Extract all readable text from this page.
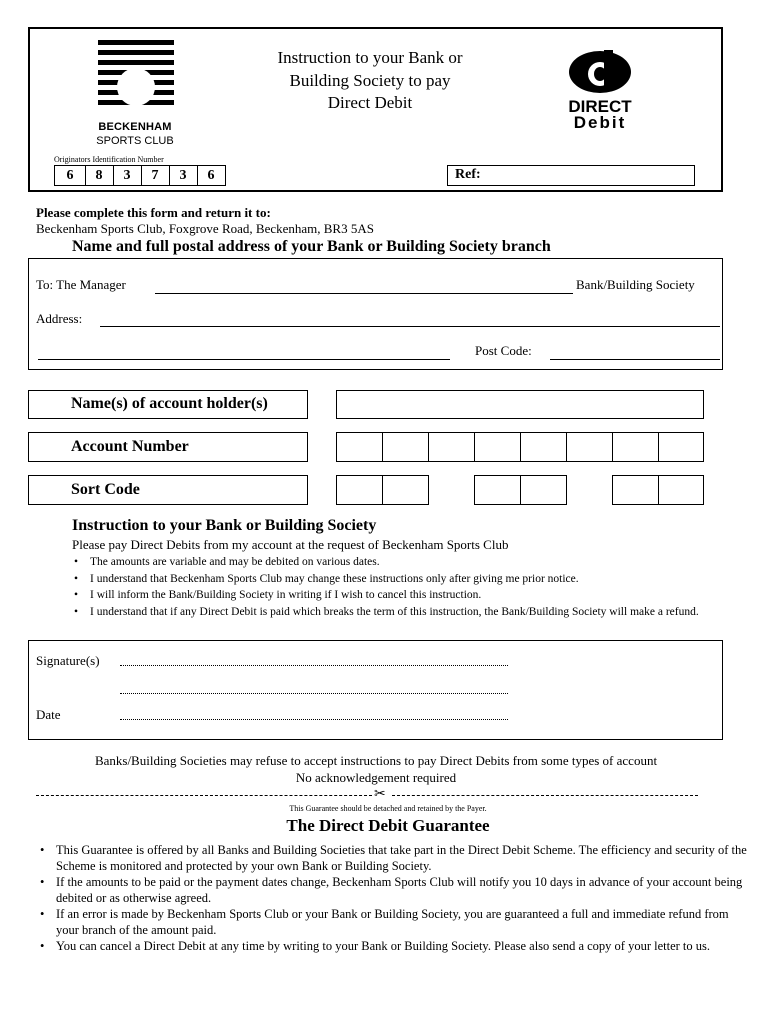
BECKENHAM
SPORTS CLUB
Instruction to your Bank or Building Society to pay Direct Debit	DIRECT
Debit
Originators Identification Number
6	8	3	7	3	6	Ref:
Please complete this form and return it to:
Beckenham Sports Club, Foxgrove Road, Beckenham, BR3 5AS
Name and full postal address of your Bank or Building Society branch
To: The Manager	Bank/Building Society
Address:
Post Code:
Name(s) of account holder(s)
Account Number
Sort Code
Instruction to your Bank or Building Society
Please pay Direct Debits from my account at the request of Beckenham Sports Club
• The amounts are variable and may be debited on various dates.
• I understand that Beckenham Sports Club may change these instructions only after giving me prior notice.
• I will inform the Bank/Building Society in writing if I wish to cancel this instruction.
• I understand that if any Direct Debit is paid which breaks the term of this instruction, the Bank/Building Society will make a refund.
Signature(s)
Date
Banks/Building Societies may refuse to accept instructions to pay Direct Debits from some types of account
No acknowledgement required
✂
This Guarantee should be detached and retained by the Payer.
The Direct Debit Guarantee
• This Guarantee is offered by all Banks and Building Societies that take part in the Direct Debit Scheme. The efficiency and security of the Scheme is monitored and protected by your own Bank or Building Society.
• If the amounts to be paid or the payment dates change, Beckenham Sports Club will notify you 10 days in advance of your account being debited or as otherwise agreed.
• If an error is made by Beckenham Sports Club or your Bank or Building Society, you are guaranteed a full and immediate refund from your branch of the amount paid.
• You can cancel a Direct Debit at any time by writing to your Bank or Building Society. Please also send a copy of your letter to us.
